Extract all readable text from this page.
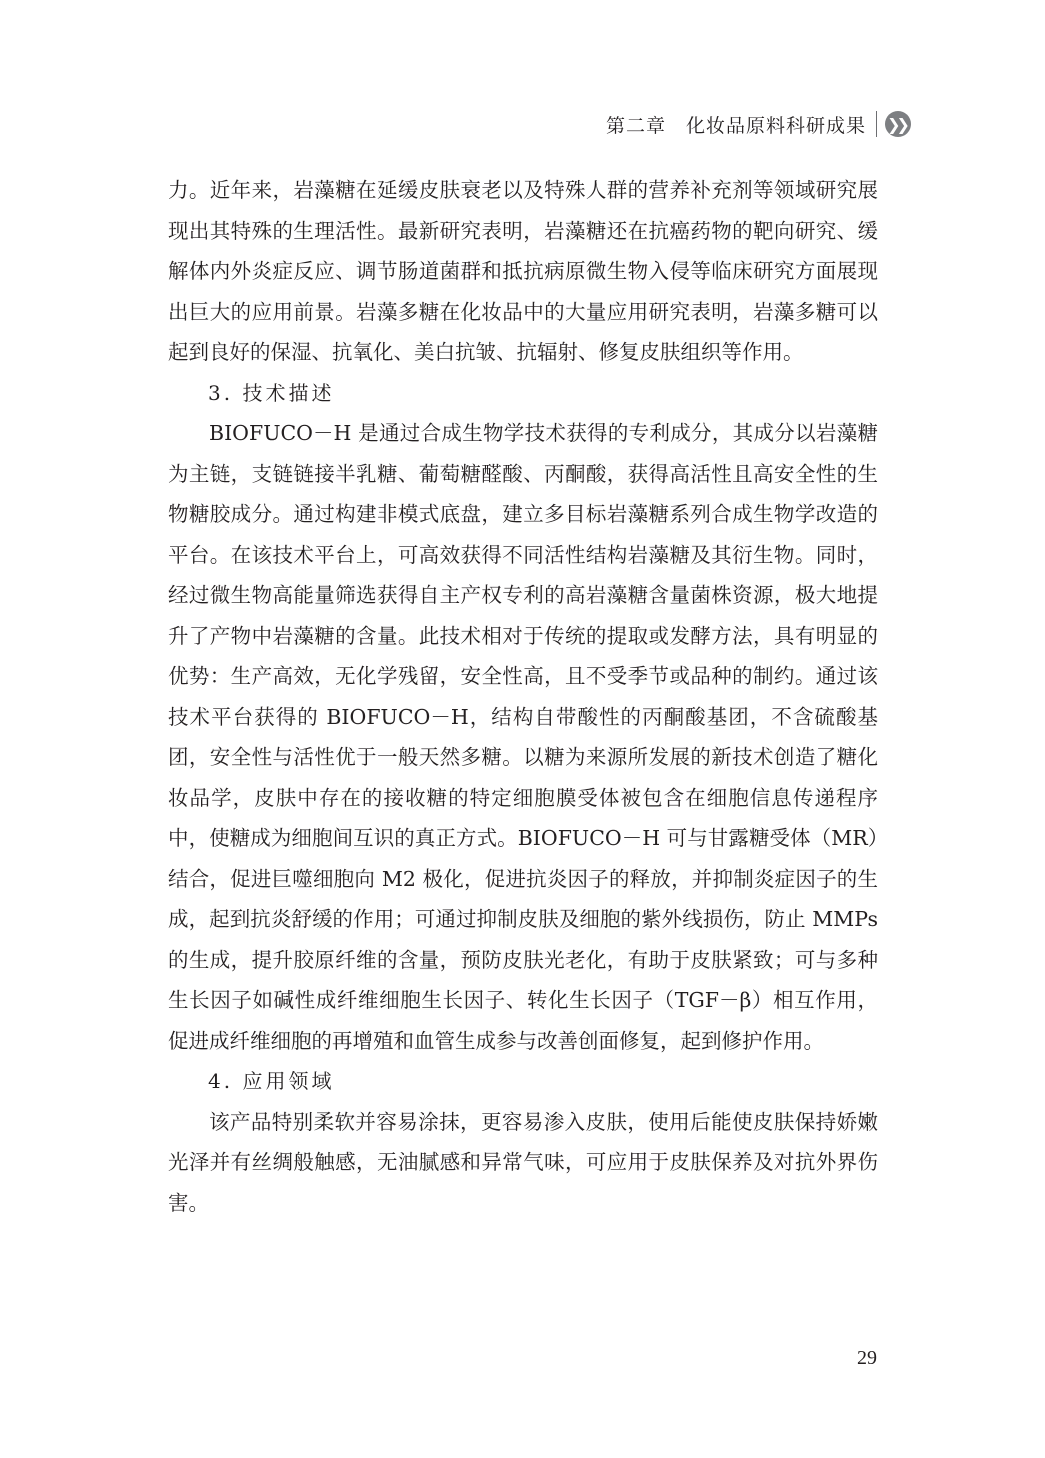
第二章 化妆品原料科研成果 ❯❯

力。近年来，岩藻糖在延缓皮肤衰老以及特殊人群的营养补充剂等领域研究展现出其特殊的生理活性。最新研究表明，岩藻糖还在抗癌药物的靶向研究、缓解体内外炎症反应、调节肠道菌群和抵抗病原微生物入侵等临床研究方面展现出巨大的应用前景。岩藻多糖在化妆品中的大量应用研究表明，岩藻多糖可以起到良好的保湿、抗氧化、美白抗皱、抗辐射、修复皮肤组织等作用。

3. 技术描述

BIOFUCO－H 是通过合成生物学技术获得的专利成分，其成分以岩藻糖为主链，支链链接半乳糖、葡萄糖醛酸、丙酮酸，获得高活性且高安全性的生物糖胶成分。通过构建非模式底盘，建立多目标岩藻糖系列合成生物学改造的平台。在该技术平台上，可高效获得不同活性结构岩藻糖及其衍生物。同时，经过微生物高能量筛选获得自主产权专利的高岩藻糖含量菌株资源，极大地提升了产物中岩藻糖的含量。此技术相对于传统的提取或发酵方法，具有明显的优势：生产高效，无化学残留，安全性高，且不受季节或品种的制约。通过该技术平台获得的 BIOFUCO－H，结构自带酸性的丙酮酸基团，不含硫酸基团，安全性与活性优于一般天然多糖。以糖为来源所发展的新技术创造了糖化妆品学，皮肤中存在的接收糖的特定细胞膜受体被包含在细胞信息传递程序中，使糖成为细胞间互识的真正方式。BIOFUCO－H 可与甘露糖受体（MR）结合，促进巨噬细胞向 M2 极化，促进抗炎因子的释放，并抑制炎症因子的生成，起到抗炎舒缓的作用；可通过抑制皮肤及细胞的紫外线损伤，防止 MMPs 的生成，提升胶原纤维的含量，预防皮肤光老化，有助于皮肤紧致；可与多种生长因子如碱性成纤维细胞生长因子、转化生长因子（TGF－β）相互作用，促进成纤维细胞的再增殖和血管生成参与改善创面修复，起到修护作用。

4. 应用领域

该产品特别柔软并容易涂抹，更容易渗入皮肤，使用后能使皮肤保持娇嫩光泽并有丝绸般触感，无油腻感和异常气味，可应用于皮肤保养及对抗外界伤害。

29
